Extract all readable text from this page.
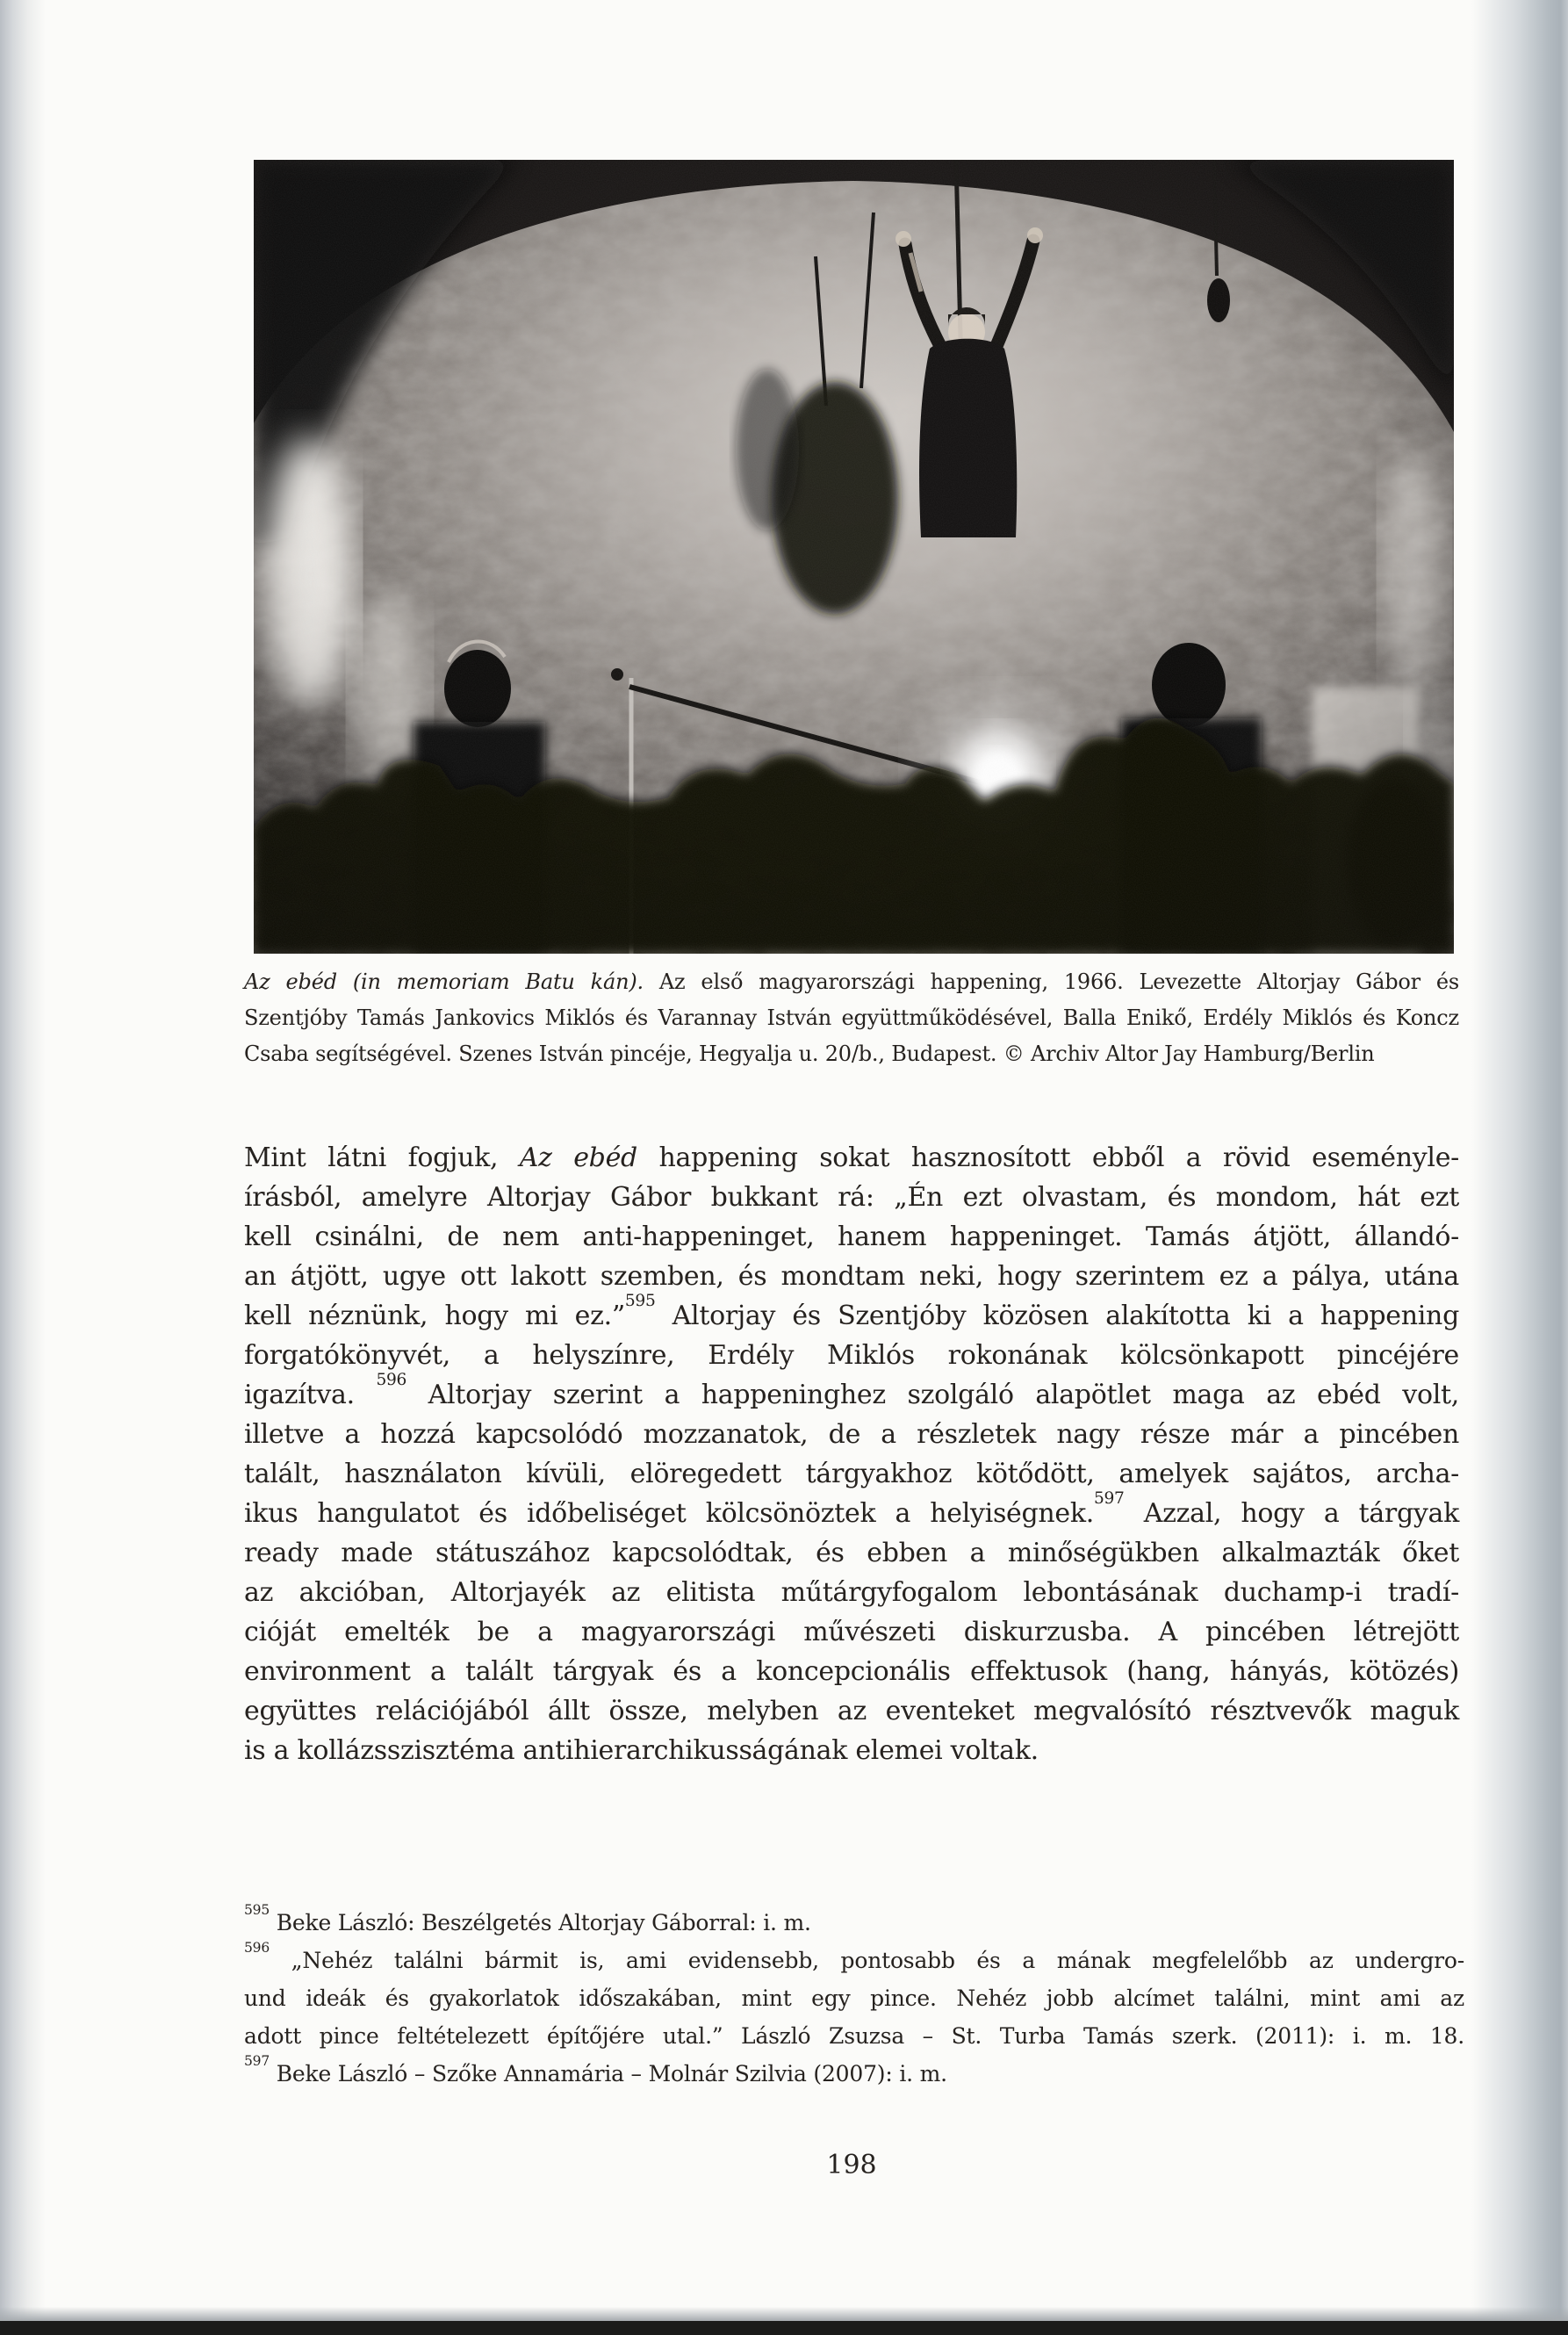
Az ebéd (in memoriam Batu kán). Az első magyarországi happening, 1966. Levezette Altorjay Gábor és
Szentjóby Tamás Jankovics Miklós és Varannay István együttműködésével, Balla Enikő, Erdély Miklós és Koncz
Csaba segítségével. Szenes István pincéje, Hegyalja u. 20/b., Budapest. © Archiv Altor Jay Hamburg/Berlin
Mint látni fogjuk, Az ebéd happening sokat hasznosított ebből a rövid eseményle-
írásból, amelyre Altorjay Gábor bukkant rá: „Én ezt olvastam, és mondom, hát ezt
kell csinálni, de nem anti-happeninget, hanem happeninget. Tamás átjött, állandó-
an átjött, ugye ott lakott szemben, és mondtam neki, hogy szerintem ez a pálya, utána
kell néznünk, hogy mi ez.”$^{595}$ Altorjay és Szentjóby közösen alakította ki a happening
forgatókönyvét, a helyszínre, Erdély Miklós rokonának kölcsönkapott pincéjére
igazítva. $^{596}$ Altorjay szerint a happeninghez szolgáló alapötlet maga az ebéd volt,
illetve a hozzá kapcsolódó mozzanatok, de a részletek nagy része már a pincében
talált, használaton kívüli, elöregedett tárgyakhoz kötődött, amelyek sajátos, archa-
ikus hangulatot és időbeliséget kölcsönöztek a helyiségnek.$^{597}$ Azzal, hogy a tárgyak
ready made státuszához kapcsolódtak, és ebben a minőségükben alkalmazták őket
az akcióban, Altorjayék az elitista műtárgyfogalom lebontásának duchamp-i tradí-
cióját emelték be a magyarországi művészeti diskurzusba. A pincében létrejött
environment a talált tárgyak és a koncepcionális effektusok (hang, hányás, kötözés)
együttes relációjából állt össze, melyben az eventeket megvalósító résztvevők maguk
is a kollázsszisztéma antihierarchikusságának elemei voltak.
$^{595}$ Beke László: Beszélgetés Altorjay Gáborral: i. m.
$^{596}$ „Nehéz találni bármit is, ami evidensebb, pontosabb és a mának megfelelőbb az undergro-
und ideák és gyakorlatok időszakában, mint egy pince. Nehéz jobb alcímet találni, mint ami az
adott pince feltételezett építőjére utal.” László Zsuzsa – St. Turba Tamás szerk. (2011): i. m. 18.
$^{597}$ Beke László – Szőke Annamária – Molnár Szilvia (2007): i. m.
198
